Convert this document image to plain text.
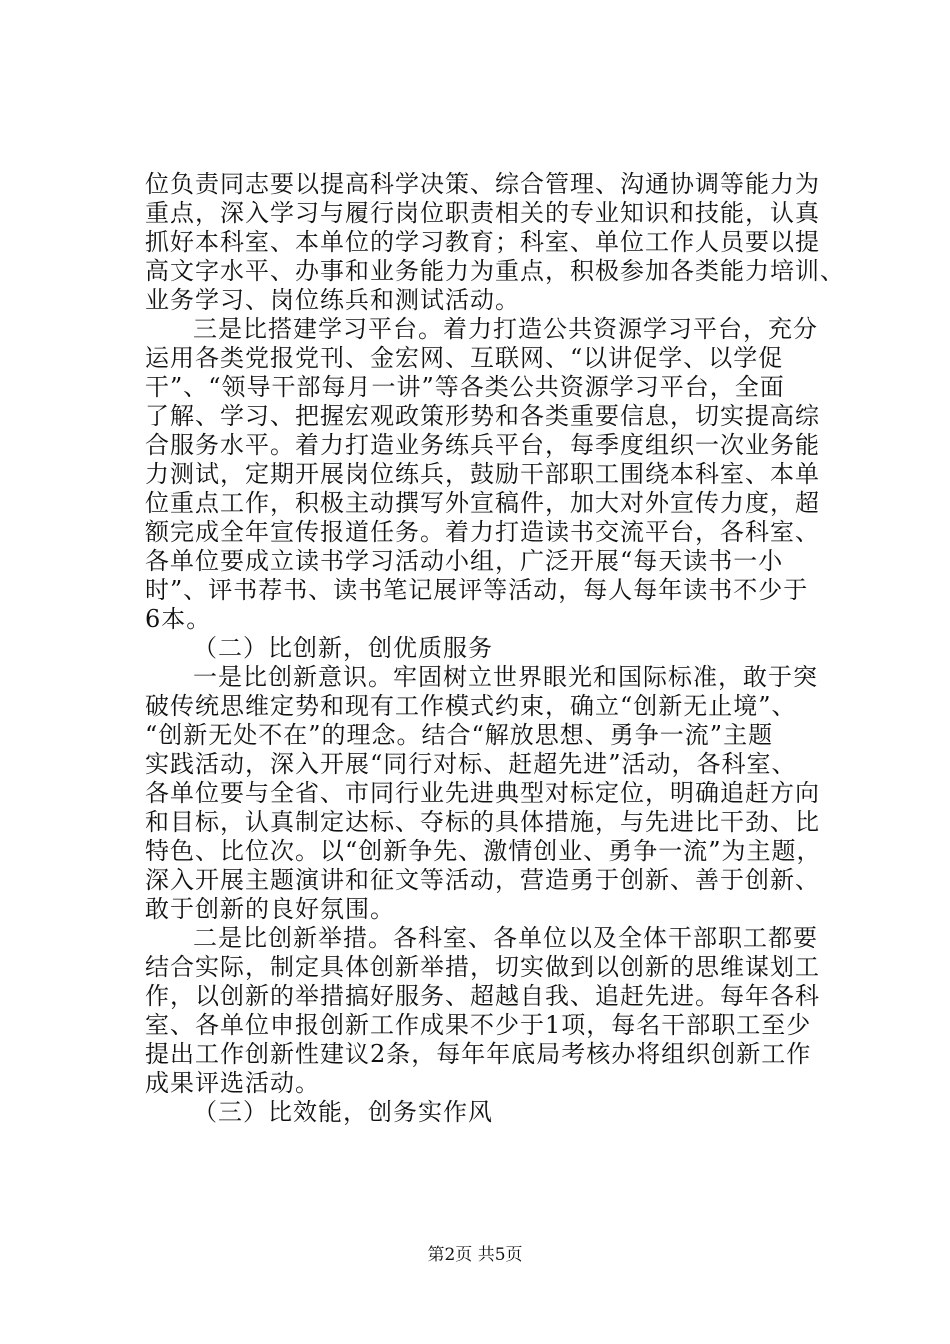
位负责同志要以提高科学决策、综合管理、沟通协调等能力为
重点，深入学习与履行岗位职责相关的专业知识和技能，认真
抓好本科室、本单位的学习教育；科室、单位工作人员要以提
高文字水平、办事和业务能力为重点，积极参加各类能力培训、
业务学习、岗位练兵和测试活动。
三是比搭建学习平台。着力打造公共资源学习平台，充分
运用各类党报党刊、金宏网、互联网、“以讲促学、以学促
干”、“领导干部每月一讲”等各类公共资源学习平台，全面
了解、学习、把握宏观政策形势和各类重要信息，切实提高综
合服务水平。着力打造业务练兵平台，每季度组织一次业务能
力测试，定期开展岗位练兵，鼓励干部职工围绕本科室、本单
位重点工作，积极主动撰写外宣稿件，加大对外宣传力度，超
额完成全年宣传报道任务。着力打造读书交流平台，各科室、
各单位要成立读书学习活动小组，广泛开展“每天读书一小
时”、评书荐书、读书笔记展评等活动，每人每年读书不少于
6本。
（二）比创新，创优质服务
一是比创新意识。牢固树立世界眼光和国际标准，敢于突
破传统思维定势和现有工作模式约束，确立“创新无止境”、
“创新无处不在”的理念。结合“解放思想、勇争一流”主题
实践活动，深入开展“同行对标、赶超先进”活动，各科室、
各单位要与全省、市同行业先进典型对标定位，明确追赶方向
和目标，认真制定达标、夺标的具体措施，与先进比干劲、比
特色、比位次。以“创新争先、激情创业、勇争一流”为主题，
深入开展主题演讲和征文等活动，营造勇于创新、善于创新、
敢于创新的良好氛围。
二是比创新举措。各科室、各单位以及全体干部职工都要
结合实际，制定具体创新举措，切实做到以创新的思维谋划工
作，以创新的举措搞好服务、超越自我、追赶先进。每年各科
室、各单位申报创新工作成果不少于1项，每名干部职工至少
提出工作创新性建议2条，每年年底局考核办将组织创新工作
成果评选活动。
（三）比效能，创务实作风
第2页 共5页
